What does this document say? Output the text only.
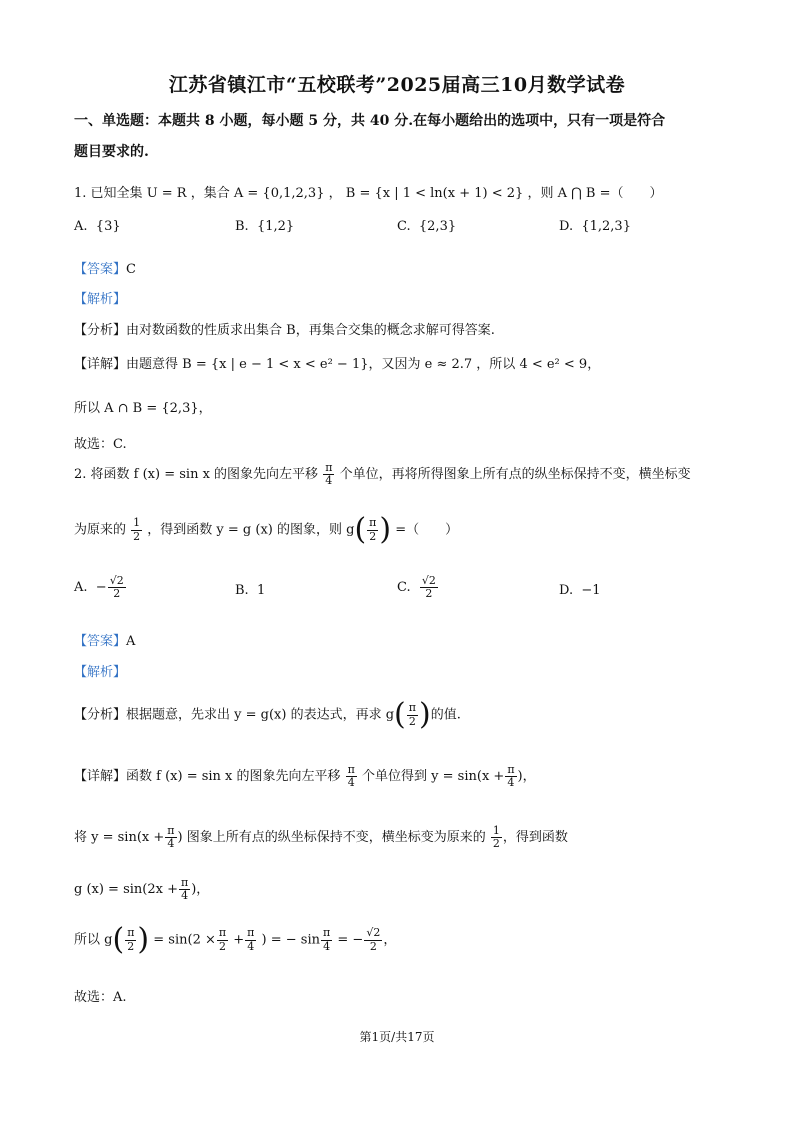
江苏省镇江市“五校联考”2025届高三10月数学试卷
一、单选题：本题共 8 小题，每小题 5 分，共 40 分.在每小题给出的选项中，只有一项是符合
题目要求的.
1. 已知全集 U = R ，集合 A = {0,1,2,3} ， B = {x | 1 < ln(x + 1) < 2} ，则 A ⋂ B =（　　）
A. {3}	B. {1,2}	C. {2,3}	D. {1,2,3}
【答案】C
【解析】
【分析】由对数函数的性质求出集合 B，再集合交集的概念求解可得答案.
【详解】由题意得 B = {x | e − 1 < x < e² − 1}，又因为 e ≈ 2.7 ，所以 4 < e² < 9，
所以 A ∩ B = {2,3}，
故选：C.
2. 将函数 f (x) = sin x 的图象先向左平移 $\frac{\pi}{4}$ 个单位，再将所得图象上所有点的纵坐标保持不变，横坐标变
为原来的 $\frac{1}{2}$ ，得到函数 y = g (x) 的图象，则 $g( \frac{\pi}{2}$ ) =（　　）
A. − $\frac{√2}{2}$	B. 1	C. $\frac{√2}{2}$	D. −1
【答案】A
【解析】
【分析】根据题意，先求出 y = g(x) 的表达式，再求 $g( \frac{\pi}{2}$ )的值.
【详解】函数 f (x) = sin x 的图象先向左平移 $\frac{\pi}{4}$ 个单位得到 $y = \sin(x + \frac{\pi}{4}$ )，
将 $y = \sin(x + \frac{\pi}{4}$ ) 图象上所有点的纵坐标保持不变，横坐标变为原来的 $\frac{1}{2}$ ，得到函数
g $(x) = \sin(2x + \frac{\pi}{4}$ )，
所以 $g( \frac{\pi}{2}$ ) = $\sin(2 \times \frac{\pi}{2} + \frac{\pi}{4}$ ) = − $\sin \frac{\pi}{4}$ = − $\frac{√2}{2}$ ，
故选：A.
第1页/共17页
